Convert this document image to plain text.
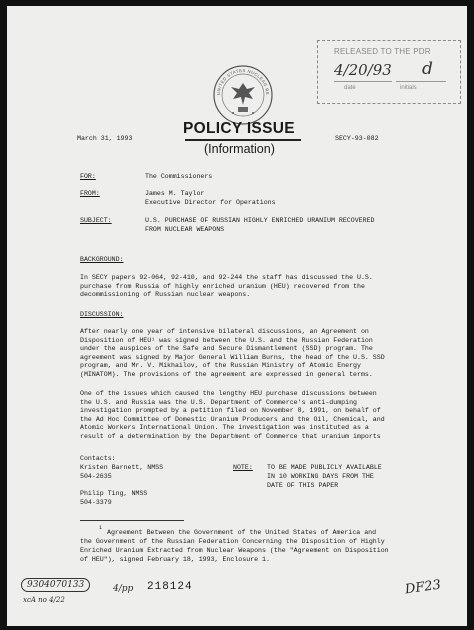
UNITED STATES NUCLEAR RE
RELEASED TO THE PDR
4/20/93 d
date	initials
March 31, 1993
POLICY ISSUE
(Information)
SECY-93-082
FOR:	The Commissioners
FROM:	James M. Taylor
Executive Director for Operations
SUBJECT:	U.S. PURCHASE OF RUSSIAN HIGHLY ENRICHED URANIUM RECOVERED
FROM NUCLEAR WEAPONS
BACKGROUND:
In SECY papers 92-064, 92-410, and 92-244 the staff has discussed the U.S.
purchase from Russia of highly enriched uranium (HEU) recovered from the
decommissioning of Russian nuclear weapons.
DISCUSSION:
After nearly one year of intensive bilateral discussions, an Agreement on
Disposition of HEU¹ was signed between the U.S. and the Russian Federation
under the auspices of the Safe and Secure Dismantlement (SSD) program. The
agreement was signed by Major General William Burns, the head of the U.S. SSD
program, and Mr. V. Mikhailov, of the Russian Ministry of Atomic Energy
(MINATOM). The provisions of the agreement are expressed in general terms.
One of the issues which caused the lengthy HEU purchase discussions between
the U.S. and Russia was the U.S. Department of Commerce's anti-dumping
investigation prompted by a petition filed on November 8, 1991, on behalf of
the Ad Hoc Committee of Domestic Uranium Producers and the Oil, Chemical, and
Atomic Workers International Union. The investigation was instituted as a
result of a determination by the Department of Commerce that uranium imports
Contacts:
Kristen Barnett, NMSS
504-2635
Philip Ting, NMSS
504-3379
NOTE: TO BE MADE PUBLICLY AVAILABLE
IN 10 WORKING DAYS FROM THE
DATE OF THIS PAPER
1
Agreement Between the Government of the United States of America and
the Government of the Russian Federation Concerning the Disposition of Highly
Enriched Uranium Extracted from Nuclear Weapons (the "Agreement on Disposition
of HEU"), signed February 18, 1993, Enclosure 1.
9304070133
xcA no 4/22
4/pp 218124	DF23
